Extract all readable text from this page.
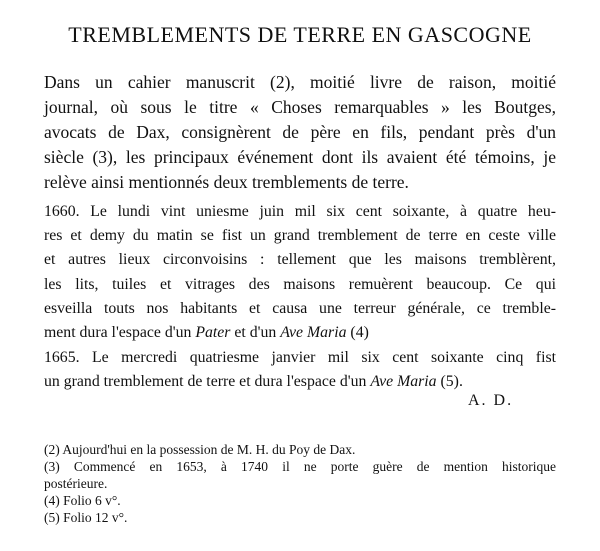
TREMBLEMENTS DE TERRE EN GASCOGNE

Dans un cahier manuscrit (2), moitié livre de raison, moitié
journal, où sous le titre « Choses remarquables » les Boutges,
avocats de Dax, consignèrent de père en fils, pendant près d'un
siècle (3), les principaux événement dont ils avaient été témoins, je
relève ainsi mentionnés deux tremblements de terre.

1660. Le lundi vint uniesme juin mil six cent soixante, à quatre heu-
res et demy du matin se fist un grand tremblement de terre en ceste ville
et autres lieux circonvoisins : tellement que les maisons tremblèrent,
les lits, tuiles et vitrages des maisons remuèrent beaucoup. Ce qui
esveilla touts nos habitants et causa une terreur générale, ce tremble-
ment dura l'espace d'un Pater et d'un Ave Maria (4)

1665. Le mercredi quatriesme janvier mil six cent soixante cinq fist
un grand tremblement de terre et dura l'espace d'un Ave Maria (5).

A. D.

(2) Aujourd'hui en la possession de M. H. du Poy de Dax.

(3) Commencé en 1653, à 1740 il ne porte guère de mention historique
postérieure.

(4) Folio 6 v°.

(5) Folio 12 v°.
